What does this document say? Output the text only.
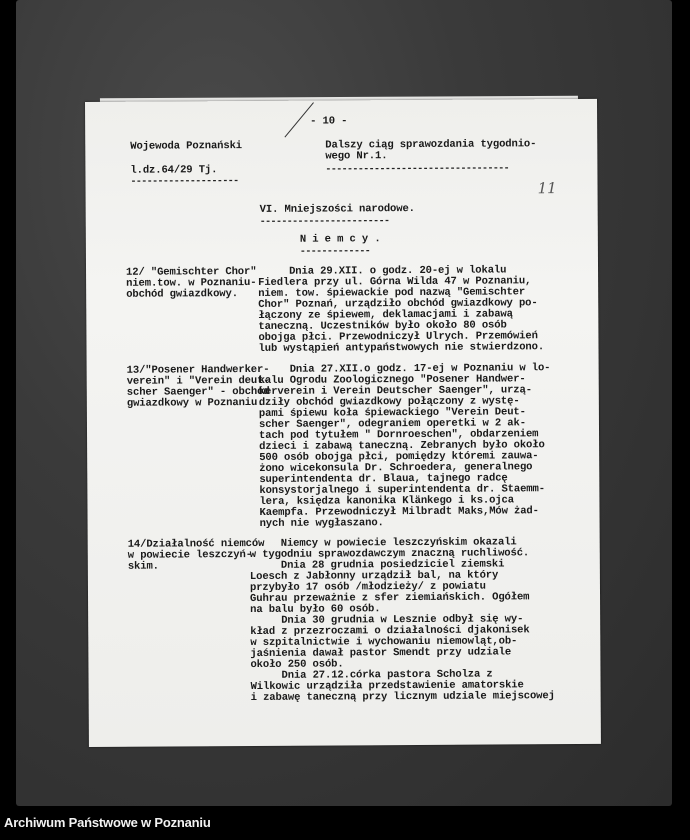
- 10 -
11
Wojewoda Poznański
l.dz.64/29 Tj.
--------------------
Dalszy ciąg sprawozdania tygodnio-
wego Nr.1.
----------------------------------
VI. Mniejszości narodowe.
------------------------
N i e m c y .
-------------
12/ "Gemischter Chor"
niem.tow. w Poznaniu-
obchód gwiazdkowy.
Dnia 29.XII. o godz. 20-ej w lokalu
Fiedlera przy ul. Górna Wilda 47 w Poznaniu,
niem. tow. śpiewackie pod nazwą "Gemischter
Chor" Poznań, urządziło obchód gwiazdkowy po-
łączony ze śpiewem, deklamacjami i zabawą
taneczną. Uczestników było około 80 osób
obojga płci. Przewodniczył Ulrych. Przemówień
lub wystąpień antypaństwowych nie stwierdzono.
13/"Posener Handwerker-
verein" i "Verein deut-
scher Saenger" - obchód
gwiazdkowy w Poznaniu.
Dnia 27.XII.o godz. 17-ej w Poznaniu w lo-
kalu Ogrodu Zoologicznego "Posener Handwer-
kerverein i Verein Deutscher Saenger", urzą-
dziły obchód gwiazdkowy połączony z wystę-
pami śpiewu koła śpiewackiego "Verein Deut-
scher Saenger", odegraniem operetki w 2 ak-
tach pod tytułem " Dornroeschen", obdarzeniem
dzieci i zabawą taneczną. Zebranych było około
500 osób obojga płci, pomiędzy któremi zauwa-
żono wicekonsula Dr. Schroedera, generalnego
superintendenta dr. Blaua, tajnego radcę
konsystorjalnego i superintendenta dr. Staemm-
lera, księdza kanonika Klänkego i ks.ojca
Kaempfa. Przewodniczył Milbradt Maks,Mów żad-
nych nie wygłaszano.
14/Działalność niemców
w powiecie leszczyń-
skim.
Niemcy w powiecie leszczyńskim okazali
w tygodniu sprawozdawczym znaczną ruchliwość.
Dnia 28 grudnia posiedziciel ziemski
Loesch z Jabłonny urządził bal, na który
przybyło 17 osób /młodzieży/ z powiatu
Guhrau przeważnie z sfer ziemiańskich. Ogółem
na balu było 60 osób.
Dnia 30 grudnia w Lesznie odbył się wy-
kład z przezroczami o działalności djakonisek
w szpitalnictwie i wychowaniu niemowląt,ob-
jaśnienia dawał pastor Smendt przy udziale
około 250 osób.
Dnia 27.12.córka pastora Scholza z
Wilkowic urządziła przedstawienie amatorskie
i zabawę taneczną przy licznym udziale miejscowej
Archiwum Państwowe w Poznaniu
